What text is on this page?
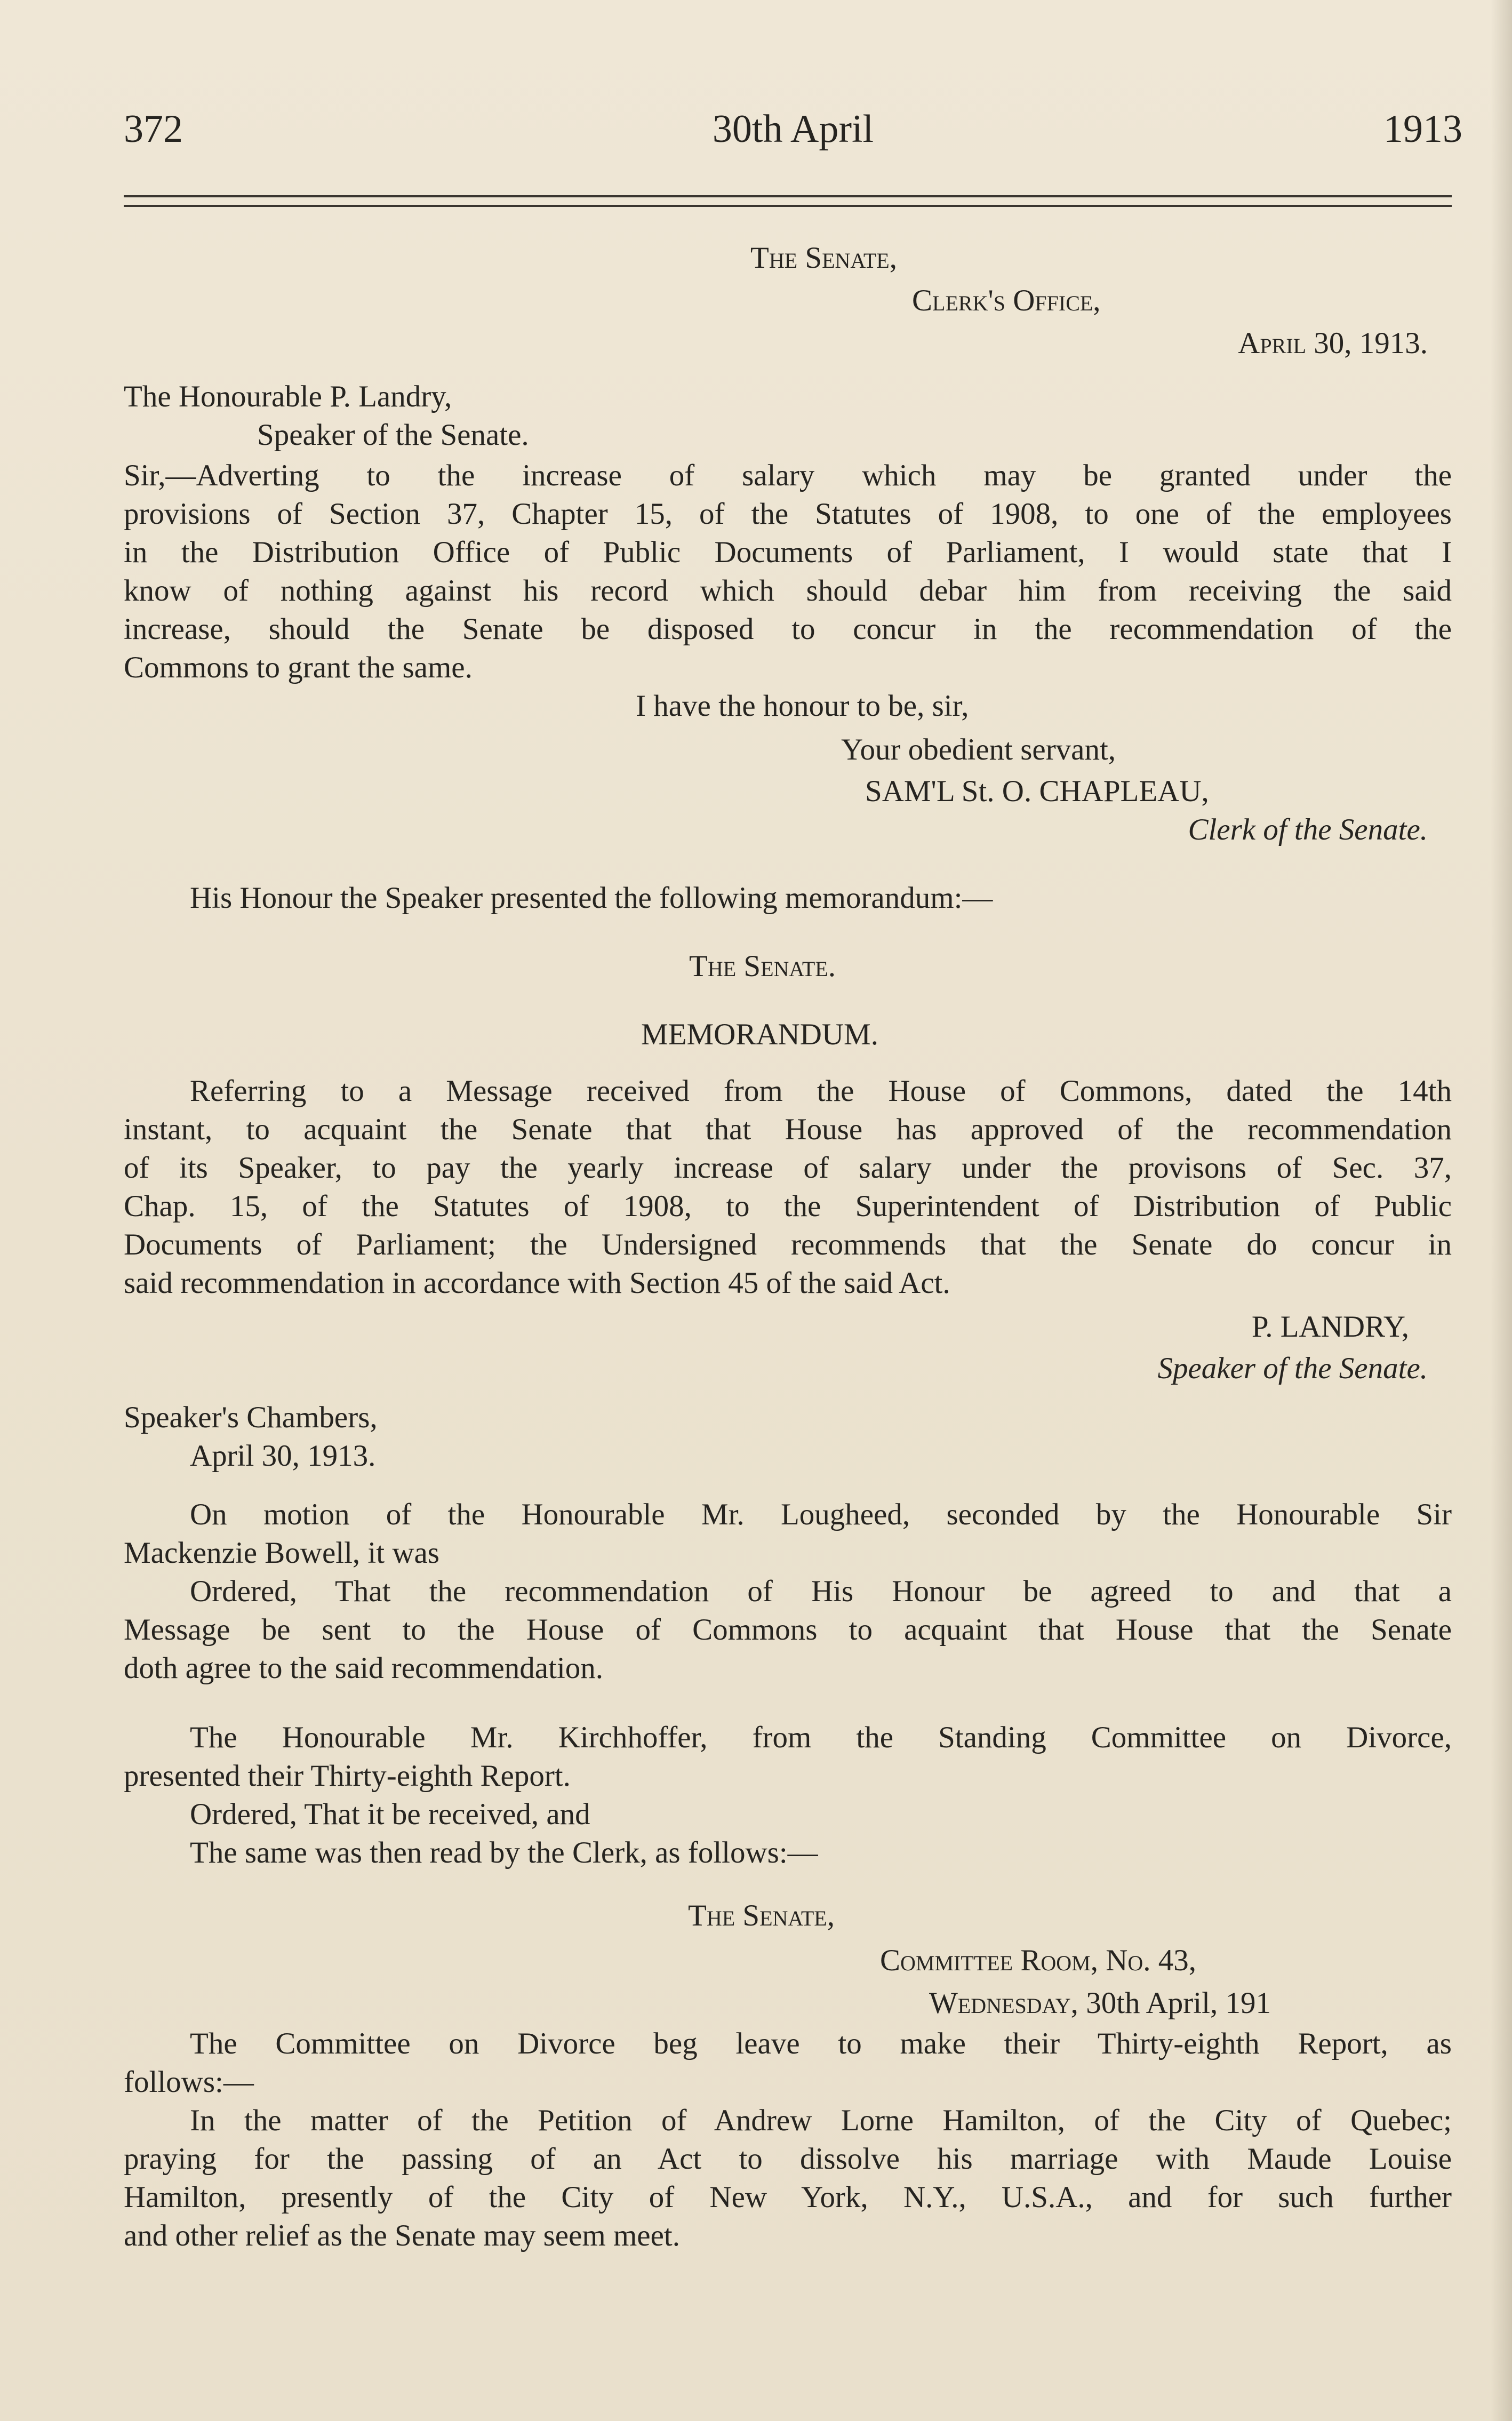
372	30th April	1913
The Senate,
Clerk's Office,
April 30, 1913.
The Honourable P. Landry,
Speaker of the Senate.
Sir,—Adverting to the increase of salary which may be granted under the
provisions of Section 37, Chapter 15, of the Statutes of 1908, to one of the employees
in the Distribution Office of Public Documents of Parliament, I would state that I
know of nothing against his record which should debar him from receiving the said
increase, should the Senate be disposed to concur in the recommendation of the
Commons to grant the same.
I have the honour to be, sir,
Your obedient servant,
SAM'L St. O. CHAPLEAU,
Clerk of the Senate.
His Honour the Speaker presented the following memorandum:—
The Senate.
MEMORANDUM.
Referring to a Message received from the House of Commons, dated the 14th
instant, to acquaint the Senate that that House has approved of the recommendation
of its Speaker, to pay the yearly increase of salary under the provisons of Sec. 37,
Chap. 15, of the Statutes of 1908, to the Superintendent of Distribution of Public
Documents of Parliament; the Undersigned recommends that the Senate do concur in
said recommendation in accordance with Section 45 of the said Act.
P. LANDRY,
Speaker of the Senate.
Speaker's Chambers,
April 30, 1913.
On motion of the Honourable Mr. Lougheed, seconded by the Honourable Sir
Mackenzie Bowell, it was
Ordered, That the recommendation of His Honour be agreed to and that a
Message be sent to the House of Commons to acquaint that House that the Senate
doth agree to the said recommendation.
The Honourable Mr. Kirchhoffer, from the Standing Committee on Divorce,
presented their Thirty-eighth Report.
Ordered, That it be received, and
The same was then read by the Clerk, as follows:—
The Senate,
Committee Room, No. 43,
Wednesday, 30th April, 191
The Committee on Divorce beg leave to make their Thirty-eighth Report, as
follows:—
In the matter of the Petition of Andrew Lorne Hamilton, of the City of Quebec;
praying for the passing of an Act to dissolve his marriage with Maude Louise
Hamilton, presently of the City of New York, N.Y., U.S.A., and for such further
and other relief as the Senate may seem meet.
